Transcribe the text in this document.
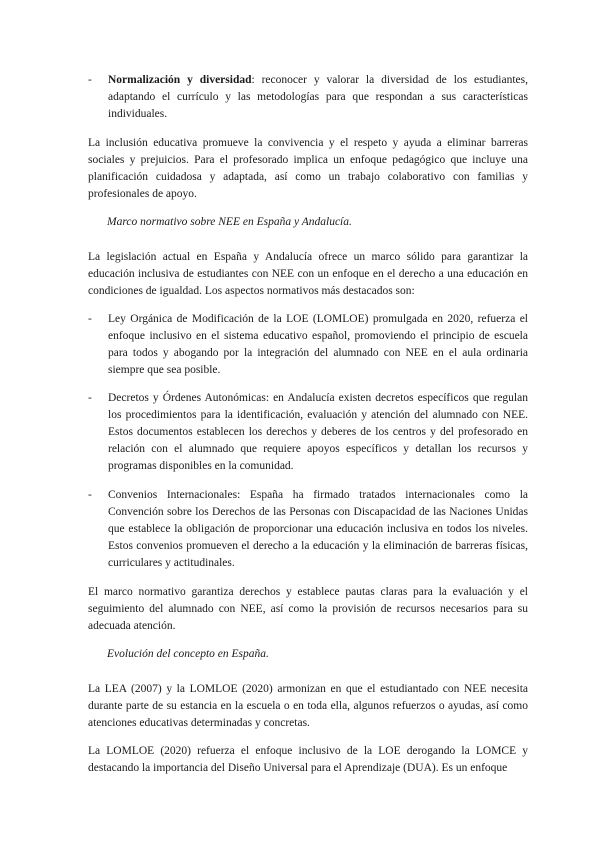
- Normalización y diversidad: reconocer y valorar la diversidad de los estudiantes, adaptando el currículo y las metodologías para que respondan a sus características individuales.

La inclusión educativa promueve la convivencia y el respeto y ayuda a eliminar barreras sociales y prejuicios. Para el profesorado implica un enfoque pedagógico que incluye una planificación cuidadosa y adaptada, así como un trabajo colaborativo con familias y profesionales de apoyo.

Marco normativo sobre NEE en España y Andalucía.

La legislación actual en España y Andalucía ofrece un marco sólido para garantizar la educación inclusiva de estudiantes con NEE con un enfoque en el derecho a una educación en condiciones de igualdad. Los aspectos normativos más destacados son:

- Ley Orgánica de Modificación de la LOE (LOMLOE) promulgada en 2020, refuerza el enfoque inclusivo en el sistema educativo español, promoviendo el principio de escuela para todos y abogando por la integración del alumnado con NEE en el aula ordinaria siempre que sea posible.
- Decretos y Órdenes Autonómicas: en Andalucía existen decretos específicos que regulan los procedimientos para la identificación, evaluación y atención del alumnado con NEE. Estos documentos establecen los derechos y deberes de los centros y del profesorado en relación con el alumnado que requiere apoyos específicos y detallan los recursos y programas disponibles en la comunidad.
- Convenios Internacionales: España ha firmado tratados internacionales como la Convención sobre los Derechos de las Personas con Discapacidad de las Naciones Unidas que establece la obligación de proporcionar una educación inclusiva en todos los niveles. Estos convenios promueven el derecho a la educación y la eliminación de barreras físicas, curriculares y actitudinales.

El marco normativo garantiza derechos y establece pautas claras para la evaluación y el seguimiento del alumnado con NEE, así como la provisión de recursos necesarios para su adecuada atención.

Evolución del concepto en España.

La LEA (2007) y la LOMLOE (2020) armonizan en que el estudiantado con NEE necesita durante parte de su estancia en la escuela o en toda ella, algunos refuerzos o ayudas, así como atenciones educativas determinadas y concretas.

La LOMLOE (2020) refuerza el enfoque inclusivo de la LOE derogando la LOMCE y destacando la importancia del Diseño Universal para el Aprendizaje (DUA). Es un enfoque
